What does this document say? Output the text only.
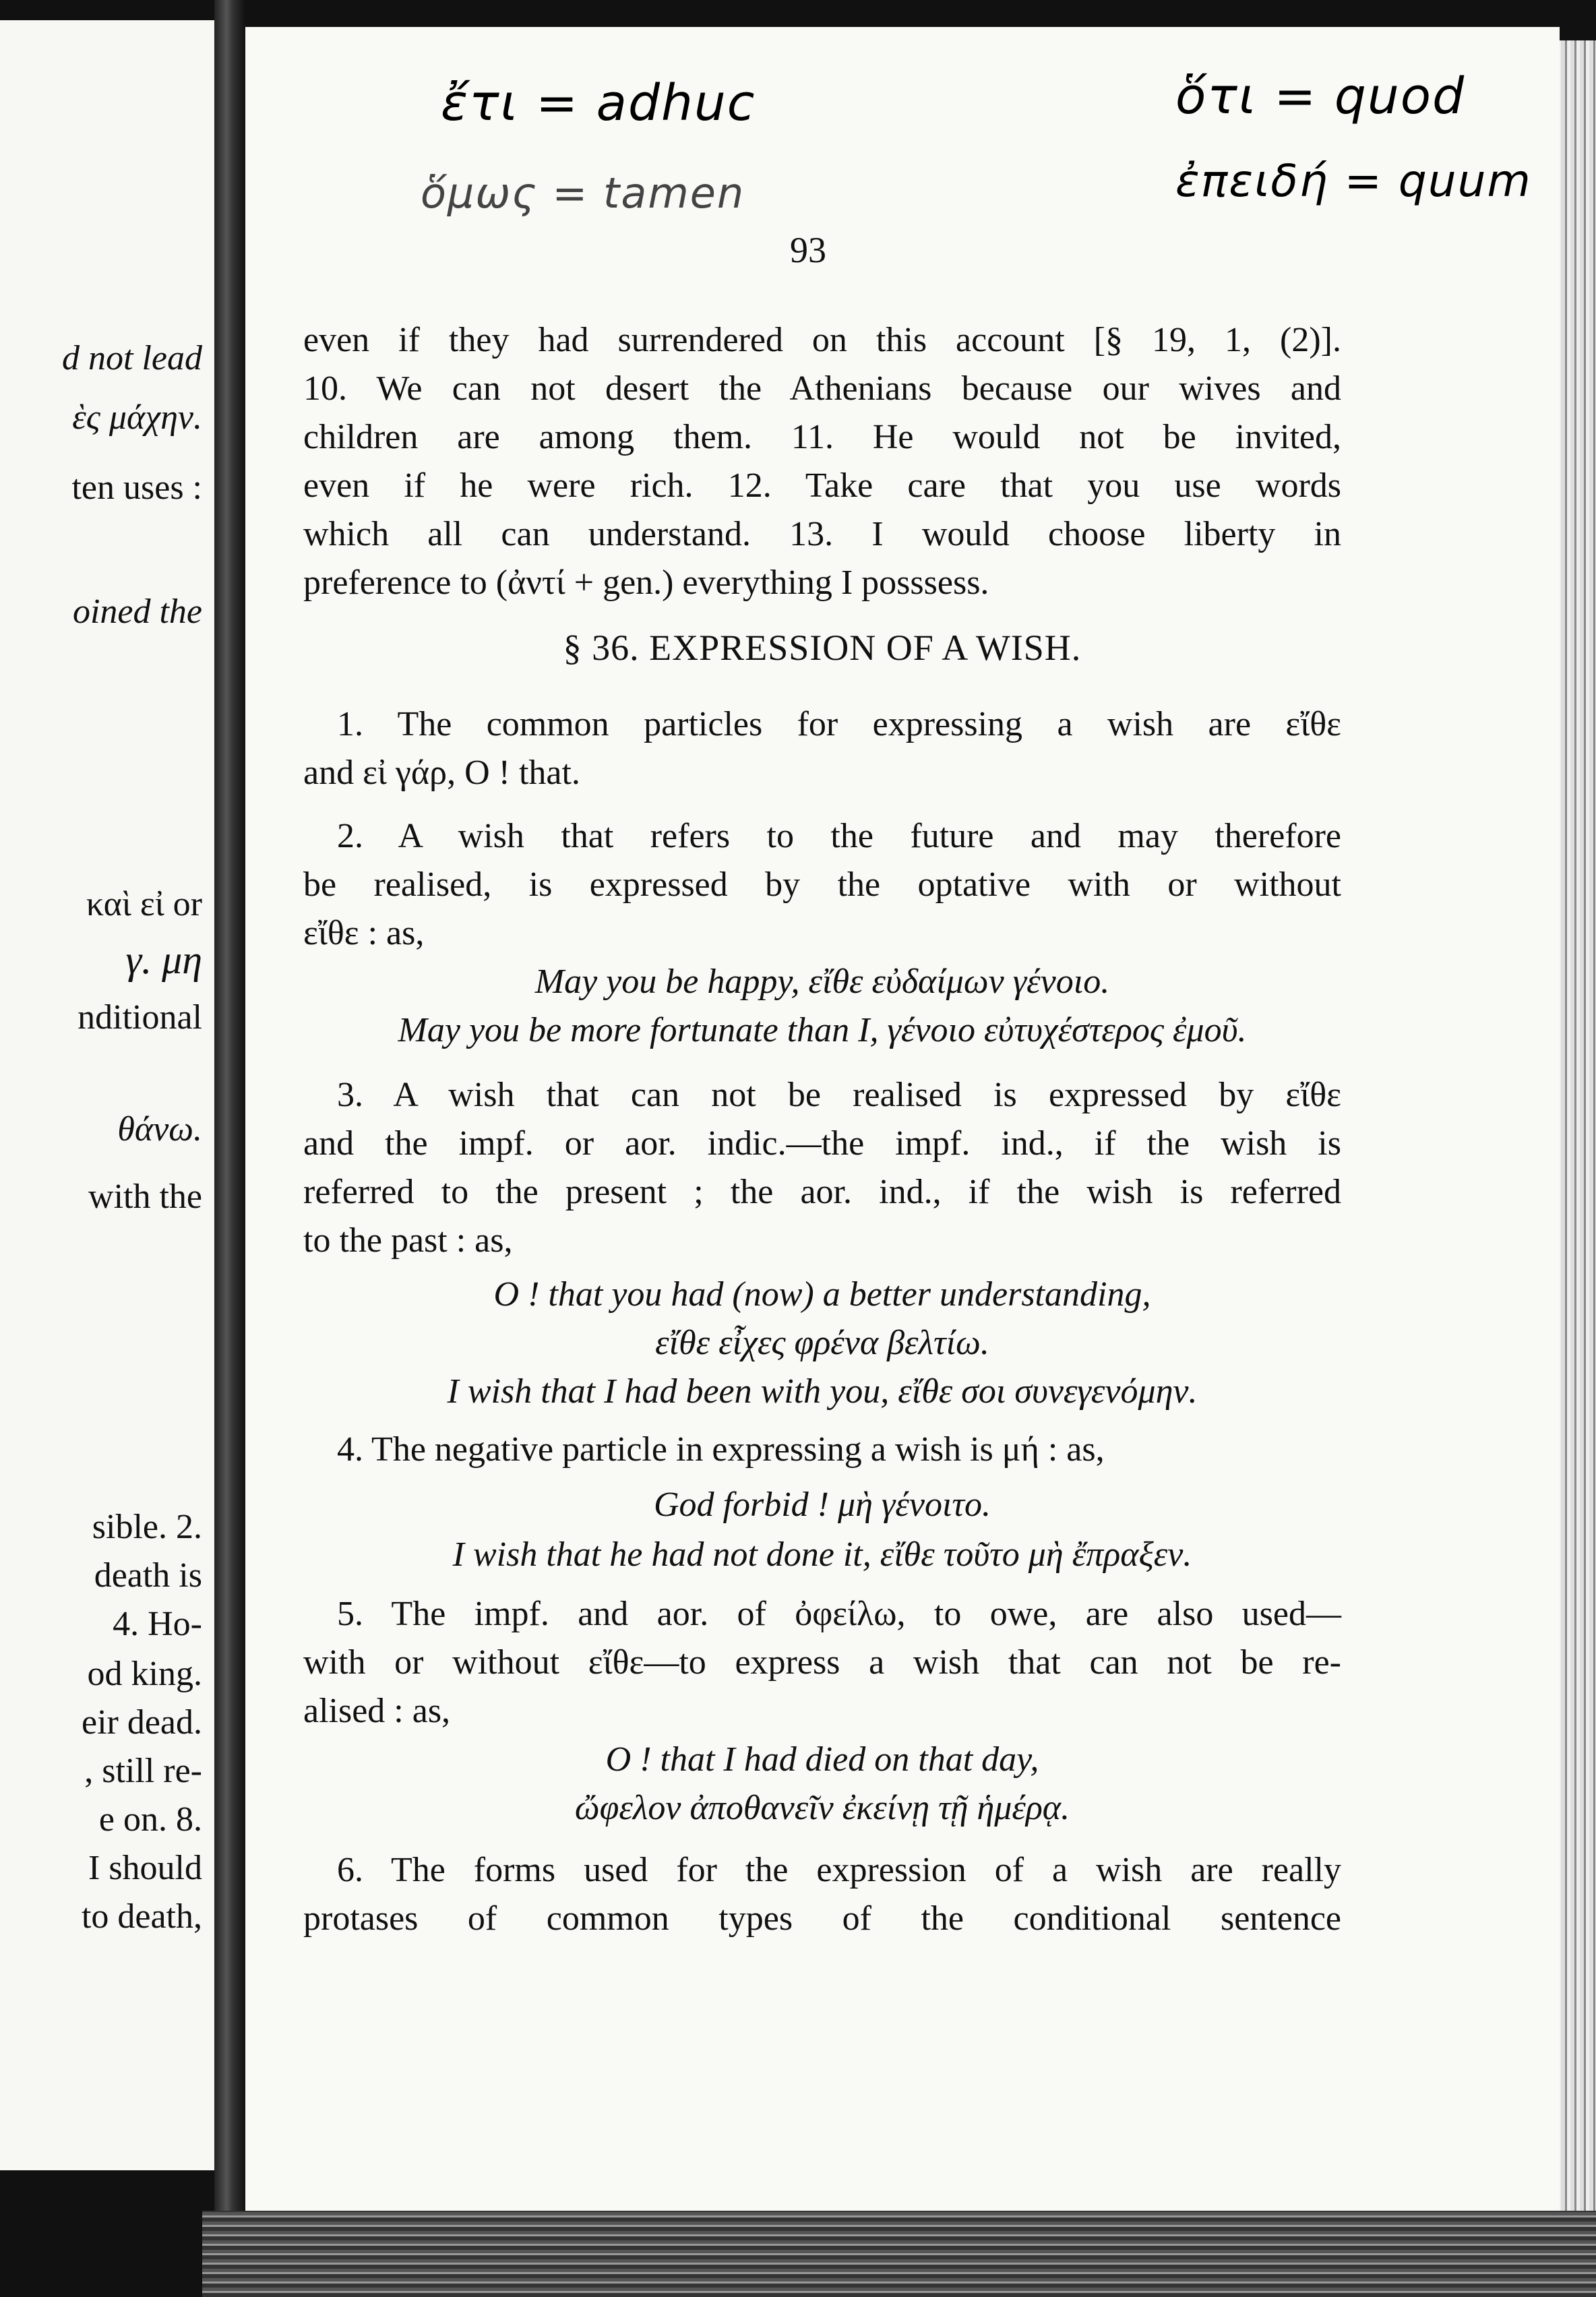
d not lead
ὲς μάχην.
ten uses :
oined the
καὶ εἰ or
γ. μη
nditional
θάνω.
with the
sible. 2.
death is
4. Ho-
od king.
eir dead.
, still re-
e on. 8.
I should
to death,
ἔτι = adhuc
ὅμως = tamen
ὅτι = quod
ἐπειδή = quum
93
even if they had surrendered on this account [§ 19, 1, (2)].
10. We can not desert the Athenians because our wives and
children are among them. 11. He would not be invited,
even if he were rich. 12. Take care that you use words
which all can understand. 13. I would choose liberty in
preference to (ἀντί + gen.) everything I posssess.
§ 36. EXPRESSION OF A WISH.
1. The common particles for expressing a wish are εἴθε
and εἰ γάρ, O ! that.
2. A wish that refers to the future and may therefore
be realised, is expressed by the optative with or without
εἴθε : as,
May you be happy, εἴθε εὐδαίμων γένοιο.
May you be more fortunate than I, γένοιο εὐτυχέστερος ἐμοῦ.
3. A wish that can not be realised is expressed by εἴθε
and the impf. or aor. indic.—the impf. ind., if the wish is
referred to the present ; the aor. ind., if the wish is referred
to the past : as,
O ! that you had (now) a better understanding,
εἴθε εἶχες φρένα βελτίω.
I wish that I had been with you, εἴθε σοι συνεγενόμην.
4. The negative particle in expressing a wish is μή : as,
God forbid ! μὴ γένοιτο.
I wish that he had not done it, εἴθε τοῦτο μὴ ἔπραξεν.
5. The impf. and aor. of ὀφείλω, to owe, are also used—
with or without εἴθε—to express a wish that can not be re-
alised : as,
O ! that I had died on that day,
ὤφελον ἀποθανεῖν ἐκείνῃ τῇ ἡμέρᾳ.
6. The forms used for the expression of a wish are really
protases of common types of the conditional sentence
